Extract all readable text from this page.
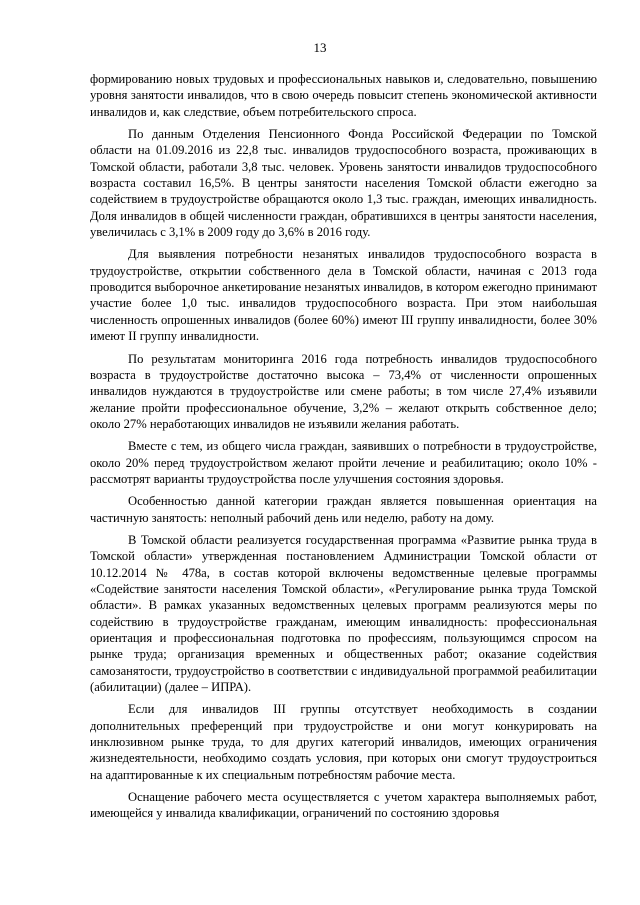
13

формированию новых трудовых и профессиональных навыков и, следовательно, повышению уровня занятости инвалидов, что в свою очередь повысит степень экономической активности инвалидов и, как следствие, объем потребительского спроса.

По данным Отделения Пенсионного Фонда Российской Федерации по Томской области на 01.09.2016 из 22,8 тыс. инвалидов трудоспособного возраста, проживающих в Томской области, работали 3,8 тыс. человек. Уровень занятости инвалидов трудоспособного возраста составил 16,5%. В центры занятости населения Томской области ежегодно за содействием в трудоустройстве обращаются около 1,3 тыс. граждан, имеющих инвалидность. Доля инвалидов в общей численности граждан, обратившихся в центры занятости населения, увеличилась с 3,1% в 2009 году до 3,6% в 2016 году.

Для выявления потребности незанятых инвалидов трудоспособного возраста в трудоустройстве, открытии собственного дела в Томской области, начиная с 2013 года проводится выборочное анкетирование незанятых инвалидов, в котором ежегодно принимают участие более 1,0 тыс. инвалидов трудоспособного возраста. При этом наибольшая численность опрошенных инвалидов (более 60%) имеют III группу инвалидности, более 30% имеют II группу инвалидности.

По результатам мониторинга 2016 года потребность инвалидов трудоспособного возраста в трудоустройстве достаточно высока – 73,4% от численности опрошенных инвалидов нуждаются в трудоустройстве или смене работы; в том числе 27,4% изъявили желание пройти профессиональное обучение, 3,2% – желают открыть собственное дело; около 27% неработающих инвалидов не изъявили желания работать.

Вместе с тем, из общего числа граждан, заявивших о потребности в трудоустройстве, около 20% перед трудоустройством желают пройти лечение и реабилитацию; около 10% - рассмотрят варианты трудоустройства после улучшения состояния здоровья.

Особенностью данной категории граждан является повышенная ориентация на частичную занятость: неполный рабочий день или неделю, работу на дому.

В Томской области реализуется государственная программа «Развитие рынка труда в Томской области» утвержденная постановлением Администрации Томской области от 10.12.2014 № 478а, в состав которой включены ведомственные целевые программы «Содействие занятости населения Томской области», «Регулирование рынка труда Томской области». В рамках указанных ведомственных целевых программ реализуются меры по содействию в трудоустройстве гражданам, имеющим инвалидность: профессиональная ориентация и профессиональная подготовка по профессиям, пользующимся спросом на рынке труда; организация временных и общественных работ; оказание содействия самозанятости, трудоустройство в соответствии с индивидуальной программой реабилитации (абилитации) (далее – ИПРА).

Если для инвалидов III группы отсутствует необходимость в создании дополнительных преференций при трудоустройстве и они могут конкурировать на инклюзивном рынке труда, то для других категорий инвалидов, имеющих ограничения жизнедеятельности, необходимо создать условия, при которых они смогут трудоустроиться на адаптированные к их специальным потребностям рабочие места.

Оснащение рабочего места осуществляется с учетом характера выполняемых работ, имеющейся у инвалида квалификации, ограничений по состоянию здоровья
